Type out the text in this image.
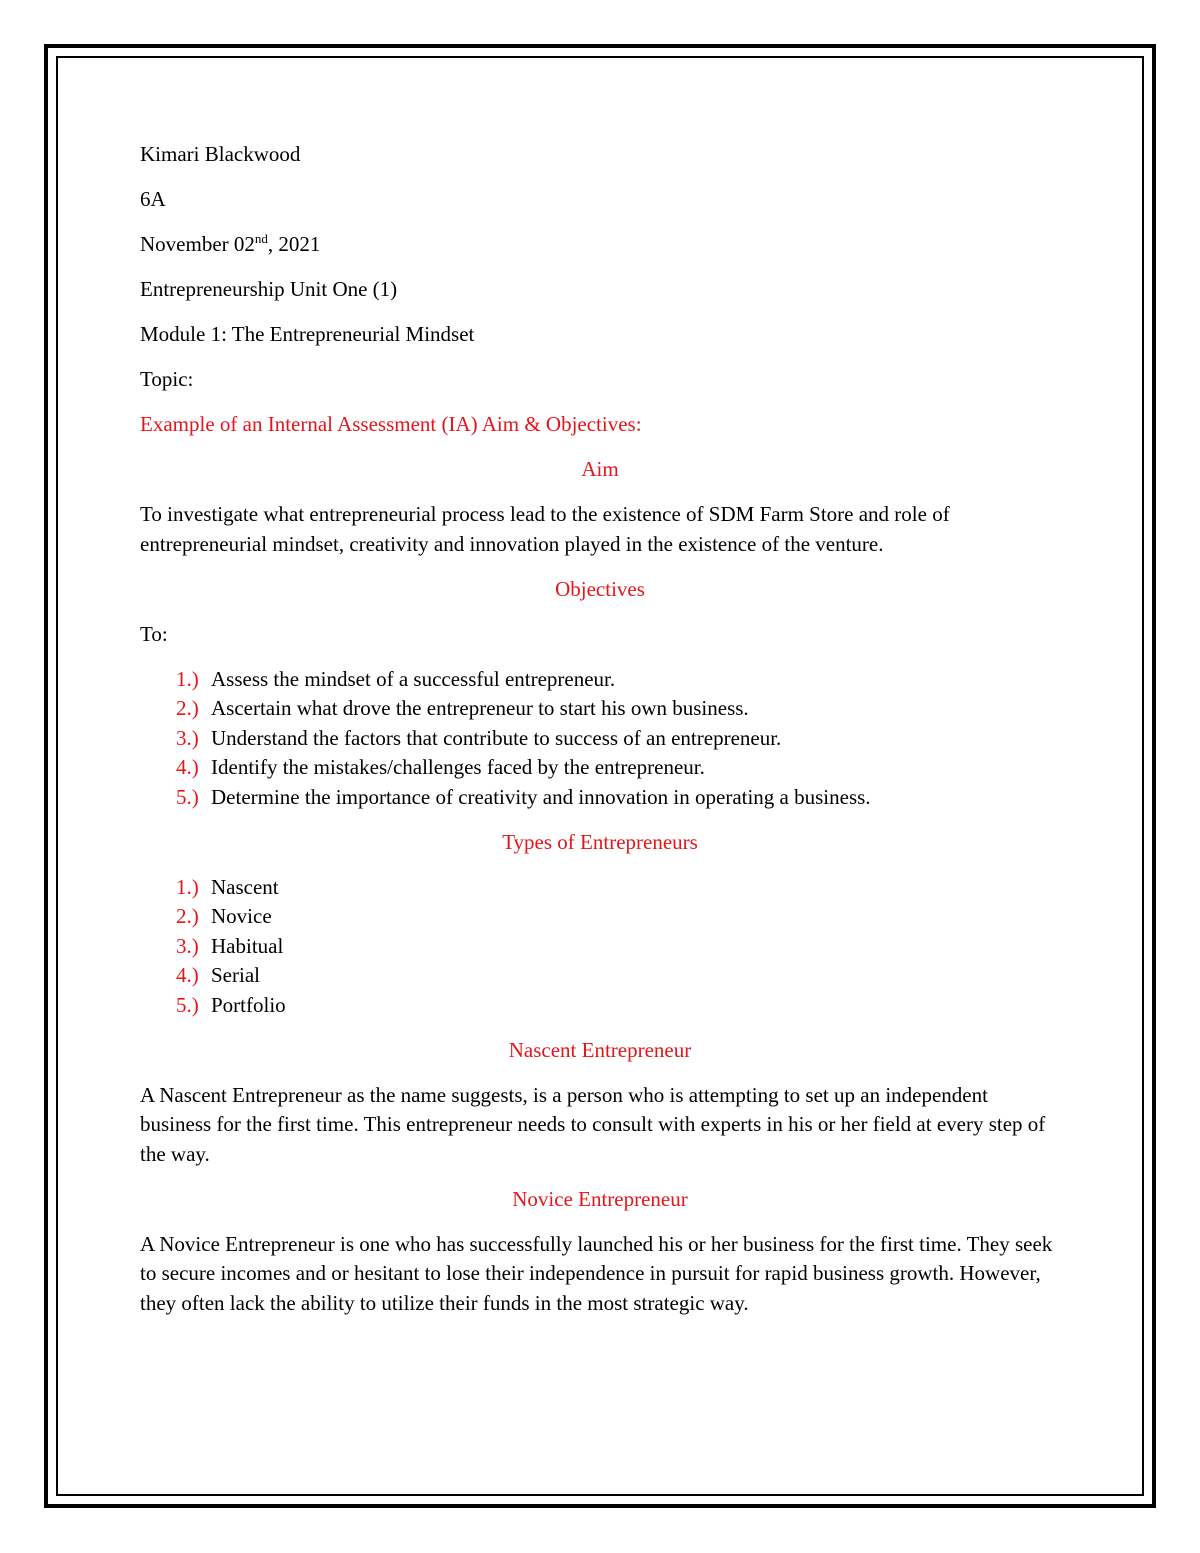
Kimari Blackwood
6A
November 02nd, 2021
Entrepreneurship Unit One (1)
Module 1: The Entrepreneurial Mindset
Topic:
Example of an Internal Assessment (IA) Aim & Objectives:
Aim
To investigate what entrepreneurial process lead to the existence of SDM Farm Store and role of entrepreneurial mindset, creativity and innovation played in the existence of the venture.
Objectives
To:
1.) Assess the mindset of a successful entrepreneur.
2.) Ascertain what drove the entrepreneur to start his own business.
3.) Understand the factors that contribute to success of an entrepreneur.
4.) Identify the mistakes/challenges faced by the entrepreneur.
5.) Determine the importance of creativity and innovation in operating a business.
Types of Entrepreneurs
1.) Nascent
2.) Novice
3.) Habitual
4.) Serial
5.) Portfolio
Nascent Entrepreneur
A Nascent Entrepreneur as the name suggests, is a person who is attempting to set up an independent business for the first time. This entrepreneur needs to consult with experts in his or her field at every step of the way.
Novice Entrepreneur
A Novice Entrepreneur is one who has successfully launched his or her business for the first time. They seek to secure incomes and or hesitant to lose their independence in pursuit for rapid business growth. However, they often lack the ability to utilize their funds in the most strategic way.
